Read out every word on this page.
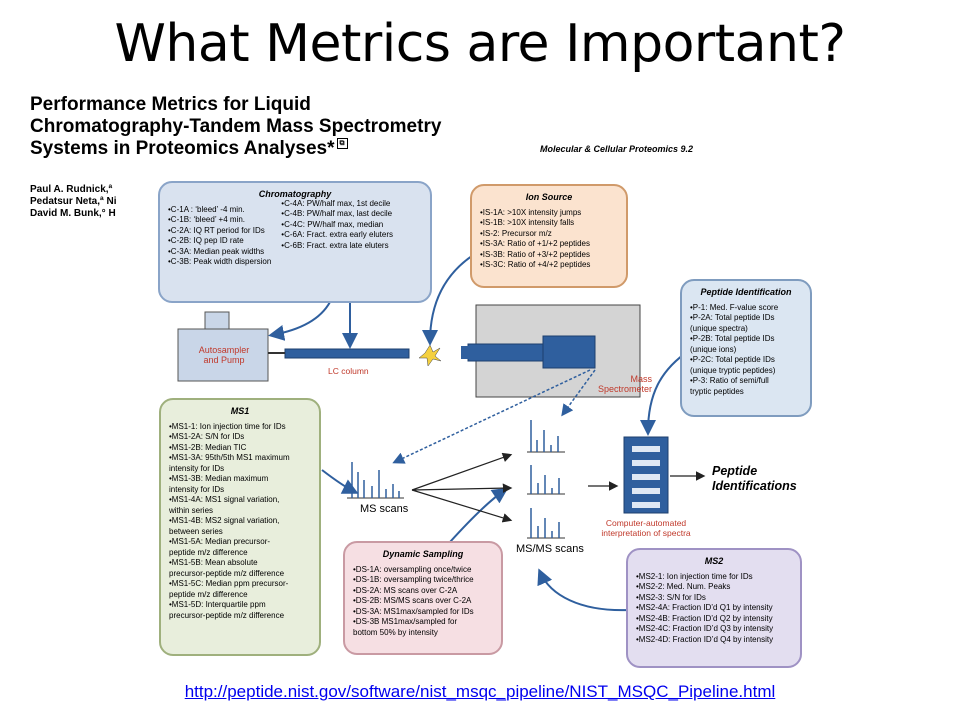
What Metrics are Important?
Performance Metrics for Liquid
Chromatography-Tandem Mass Spectrometry
Systems in Proteomics Analyses* ⧉
Molecular & Cellular Proteomics 9.2
Paul A. Rudnick,ª
Pedatsur Neta,ª Ni
David M. Bunk,° H
Chromatography
•C-1A : ‘bleed’ -4 min.
•C-1B: ‘bleed’ +4 min.
•C-2A: IQ RT period for IDs
•C-2B: IQ pep ID rate
•C-3A: Median peak widths
•C-3B: Peak width dispersion
•C-4A: PW/half max, 1st decile
•C-4B: PW/half max, last decile
•C-4C: PW/half max, median
•C-6A: Fract. extra early eluters
•C-6B: Fract. extra late eluters
Ion Source
•IS-1A: >10X intensity jumps
•IS-1B: >10X intensity falls
•IS-2: Precursor m/z
•IS-3A: Ratio of +1/+2 peptides
•IS-3B: Ratio of +3/+2 peptides
•IS-3C: Ratio of +4/+2 peptides
Peptide Identification
•P-1: Med. F-value score
•P-2A: Total peptide IDs
(unique spectra)
•P-2B: Total peptide IDs
(unique ions)
•P-2C: Total peptide IDs
(unique tryptic peptides)
•P-3: Ratio of semi/full
tryptic peptides
MS1
•MS1-1: Ion injection time for IDs
•MS1-2A: S/N for IDs
•MS1-2B: Median TIC
•MS1-3A: 95th/5th MS1 maximum
intensity for IDs
•MS1-3B: Median maximum
intensity for IDs
•MS1-4A: MS1 signal variation,
within series
•MS1-4B: MS2 signal variation,
between series
•MS1-5A: Median precursor-
peptide m/z difference
•MS1-5B: Mean absolute
precursor-peptide m/z difference
•MS1-5C: Median ppm precursor-
peptide m/z difference
•MS1-5D: Interquartile ppm
precursor-peptide m/z difference
Dynamic Sampling
•DS-1A: oversampling once/twice
•DS-1B: oversampling twice/thrice
•DS-2A: MS scans over C-2A
•DS-2B: MS/MS scans over C-2A
•DS-3A: MS1max/sampled for IDs
•DS-3B MS1max/sampled for
bottom 50% by intensity
MS2
•MS2-1: Ion injection time for IDs
•MS2-2: Med. Num. Peaks
•MS2-3: S/N for IDs
•MS2-4A: Fraction ID’d Q1 by intensity
•MS2-4B: Fraction ID’d Q2 by intensity
•MS2-4C: Fraction ID’d Q3 by intensity
•MS2-4D: Fraction ID’d Q4 by intensity
Autosampler
and Pump
LC column
Mass
Spectrometer
MS scans
MS/MS scans
Computer-automated
interpretation of spectra
Peptide
Identifications
http://peptide.nist.gov/software/nist_msqc_pipeline/NIST_MSQC_Pipeline.html
